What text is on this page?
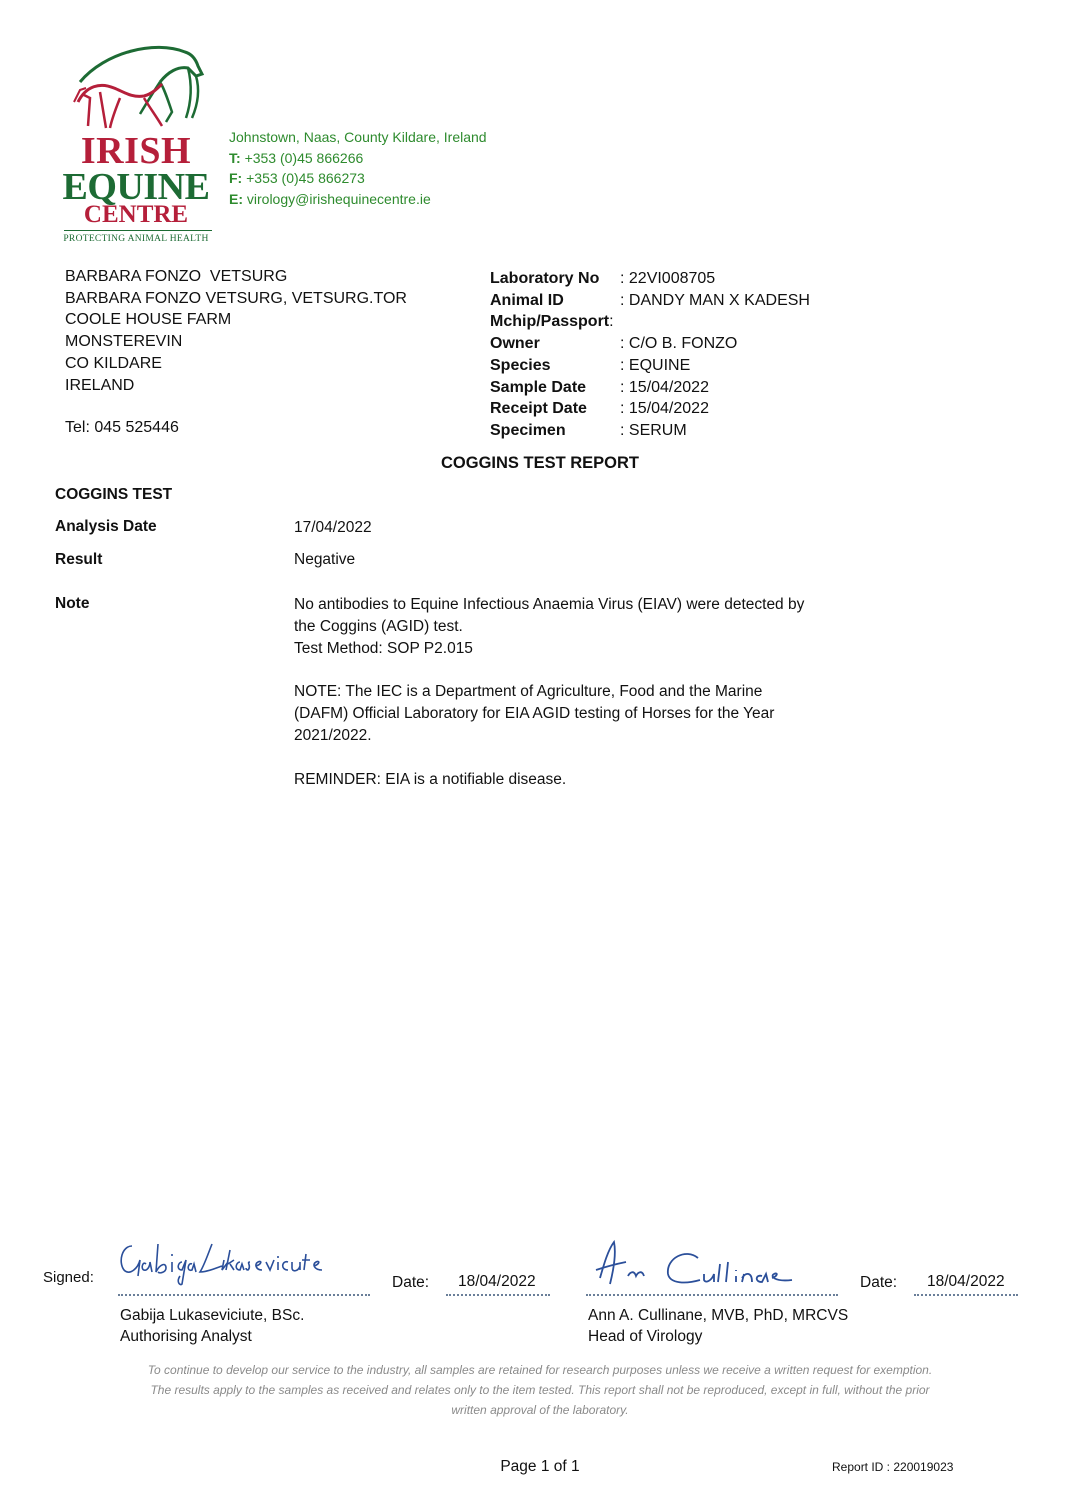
IRISH
EQUINE
CENTRE
PROTECTING ANIMAL HEALTH
Johnstown, Naas, County Kildare, Ireland
T: +353 (0)45 866266
F: +353 (0)45 866273
E: virology@irishequinecentre.ie
BARBARA FONZO  VETSURG
BARBARA FONZO VETSURG, VETSURG.TOR
COOLE HOUSE FARM
MONSTEREVIN
CO KILDARE
IRELAND
Tel: 045 525446
Laboratory No	: 22VI008705
Animal ID	: DANDY MAN X KADESH
Mchip/Passport :
Owner	: C/O B. FONZO
Species	: EQUINE
Sample Date	: 15/04/2022
Receipt Date	: 15/04/2022
Specimen	: SERUM
COGGINS TEST REPORT
COGGINS TEST
Analysis Date	17/04/2022
Result	Negative
Note	No antibodies to Equine Infectious Anaemia Virus (EIAV) were detected by
the Coggins (AGID) test.
Test Method: SOP P2.015

NOTE: The IEC is a Department of Agriculture, Food and the Marine
(DAFM) Official Laboratory for EIA AGID testing of Horses for the Year
2021/2022.

REMINDER: EIA is a notifiable disease.

Signed:	Date: 18/04/2022
Gabija Lukaseviciute, BSc.
Authorising Analyst
Date: 18/04/2022
Ann A. Cullinane, MVB, PhD, MRCVS
Head of Virology
To continue to develop our service to the industry, all samples are retained for research purposes unless we receive a written request for exemption.
The results apply to the samples as received and relates only to the item tested. This report shall not be reproduced, except in full, without the prior
written approval of the laboratory.
Page 1 of 1	Report ID : 220019023
